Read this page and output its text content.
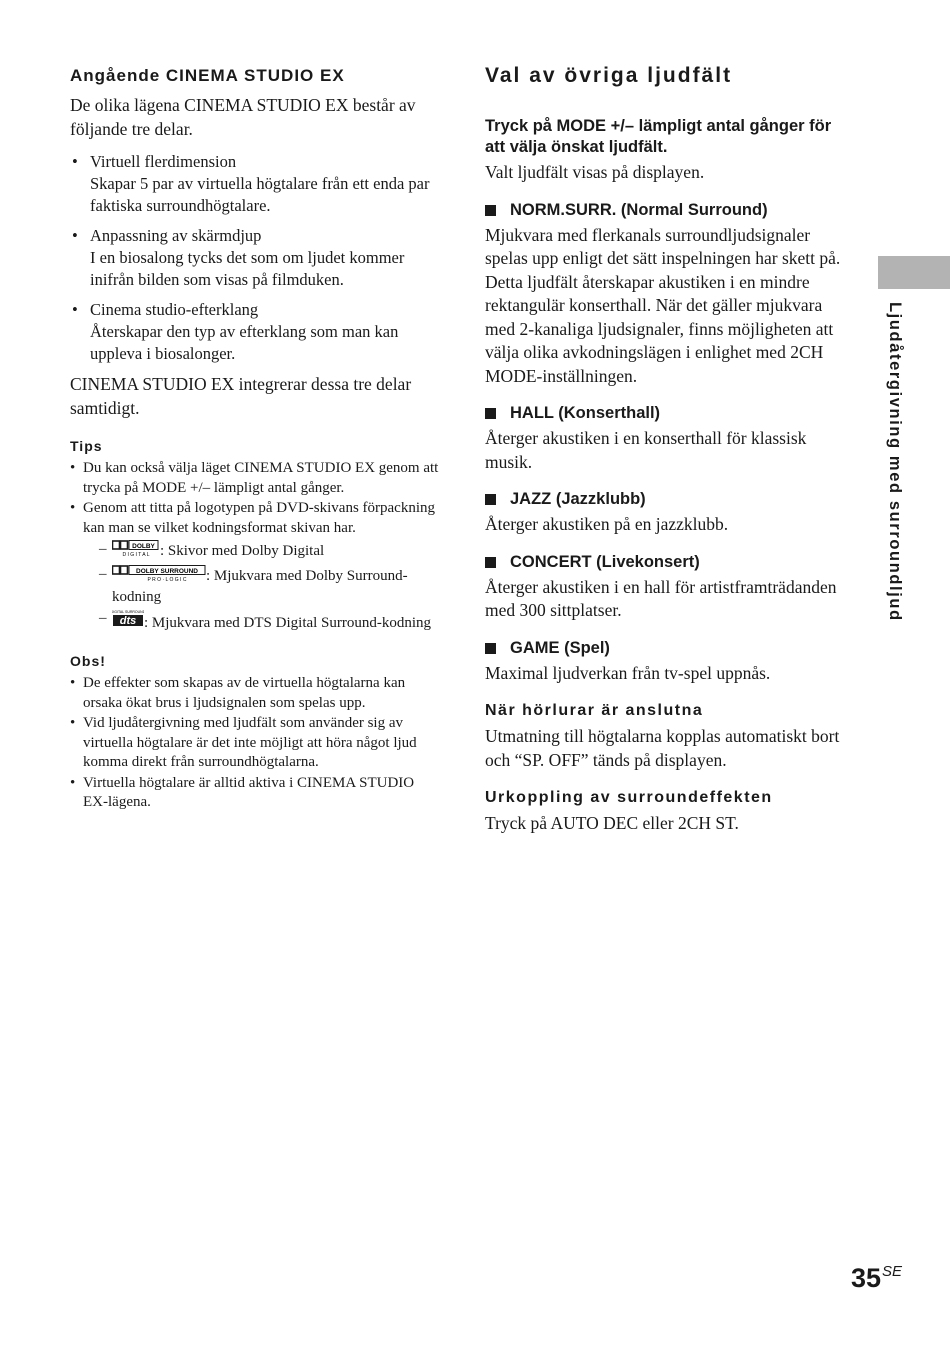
Angående CINEMA STUDIO EX

De olika lägena CINEMA STUDIO EX består av följande tre delar.

• Virtuell flerdimension
Skapar 5 par av virtuella högtalare från ett enda par faktiska surroundhögtalare.
• Anpassning av skärmdjup
I en biosalong tycks det som om ljudet kommer inifrån bilden som visas på filmduken.
• Cinema studio-efterklang
Återskapar den typ av efterklang som man kan uppleva i biosalonger.

CINEMA STUDIO EX integrerar dessa tre delar samtidigt.

Tips
• Du kan också välja läget CINEMA STUDIO EX genom att trycka på MODE +/– lämpligt antal gånger.
• Genom att titta på logotypen på DVD-skivans förpackning kan man se vilket kodningsformat skivan har.
–	DOLBY
D I G I T A L : Skivor med Dolby Digital
–	DOLBY SURROUND
P R O · L O G I C : Mjukvara med Dolby Surround-kodning
– DIGITAL SURROUND
dts : Mjukvara med DTS Digital Surround-kodning
Obs!
• De effekter som skapas av de virtuella högtalarna kan orsaka ökat brus i ljudsignalen som spelas upp.
• Vid ljudåtergivning med ljudfält som använder sig av virtuella högtalare är det inte möjligt att höra något ljud komma direkt från surroundhögtalarna.
• Virtuella högtalare är alltid aktiva i CINEMA STUDIO EX-lägena.
Val av övriga ljudfält

Tryck på MODE +/– lämpligt antal gånger för att välja önskat ljudfält.

Valt ljudfält visas på displayen.

NORM.SURR. (Normal Surround)

Mjukvara med flerkanals surroundljudsignaler spelas upp enligt det sätt inspelningen har skett på. Detta ljudfält återskapar akustiken i en mindre rektangulär konserthall. När det gäller mjukvara med 2-kanaliga ljudsignaler, finns möjligheten att välja olika avkodningslägen i enlighet med 2CH MODE-inställningen.

HALL (Konserthall)

Återger akustiken i en konserthall för klassisk musik.

JAZZ (Jazzklubb)

Återger akustiken på en jazzklubb.

CONCERT (Livekonsert)

Återger akustiken i en hall för artistframträdanden med 300 sittplatser.

GAME (Spel)

Maximal ljudverkan från tv-spel uppnås.

När hörlurar är anslutna

Utmatning till högtalarna kopplas automatiskt bort och “SP. OFF” tänds på displayen.

Urkoppling av surroundeffekten

Tryck på AUTO DEC eller 2CH ST.

Ljudåtergivning med surroundljud
$35^{SE}$
